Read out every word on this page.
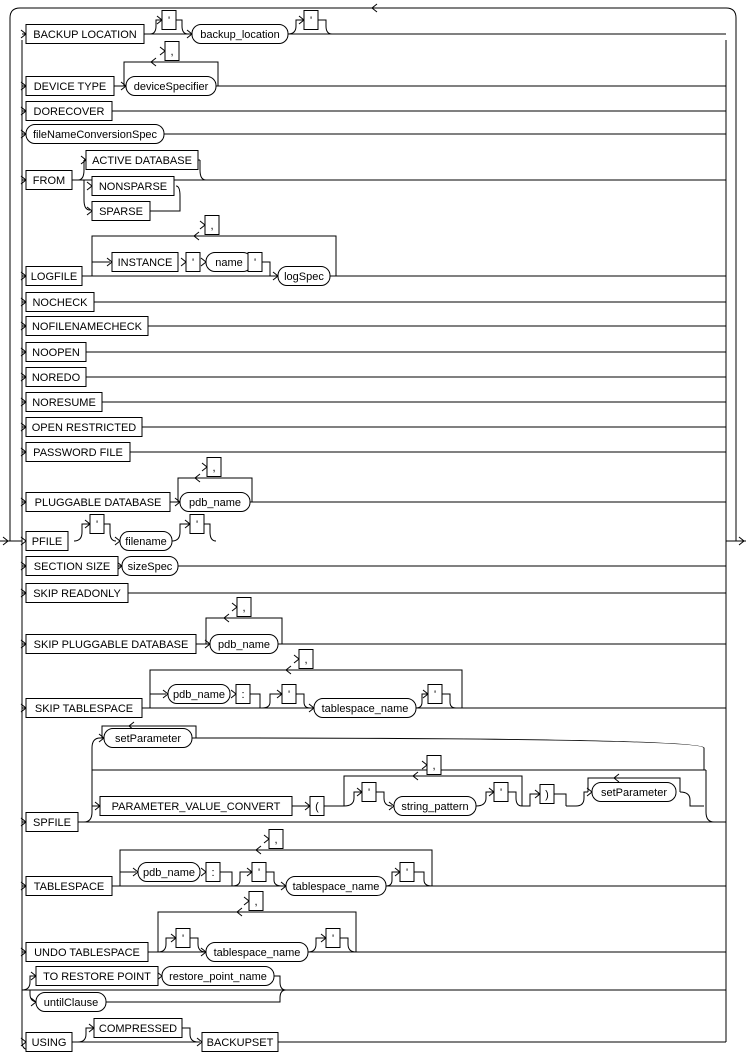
BACKUP LOCATION
'
backup_location
'
DEVICE TYPE
,
deviceSpecifier
DORECOVER
fileNameConversionSpec
FROM
ACTIVE DATABASE
NONSPARSE
SPARSE
LOGFILE
,
INSTANCE ' name '
logSpec
NOCHECK
NOFILENAMECHECK
NOOPEN
NOREDO
NORESUME
OPEN RESTRICTED
PASSWORD FILE
PLUGGABLE DATABASE
,
pdb_name
PFILE
'
filename
'
SECTION SIZE sizeSpec
SKIP READONLY
SKIP PLUGGABLE DATABASE
,
pdb_name
SKIP TABLESPACE
,
pdb_name :	'
tablespace_name
'
SPFILE
setParameter
PARAMETER_VALUE_CONVERT	(
,
'
string_pattern
'	)	setParameter
TABLESPACE
,
pdb_name :	'
tablespace_name
'
UNDO TABLESPACE
,
'
tablespace_name
'
TO RESTORE POINT restore_point_name
untilClause
USING
COMPRESSED
BACKUPSET
